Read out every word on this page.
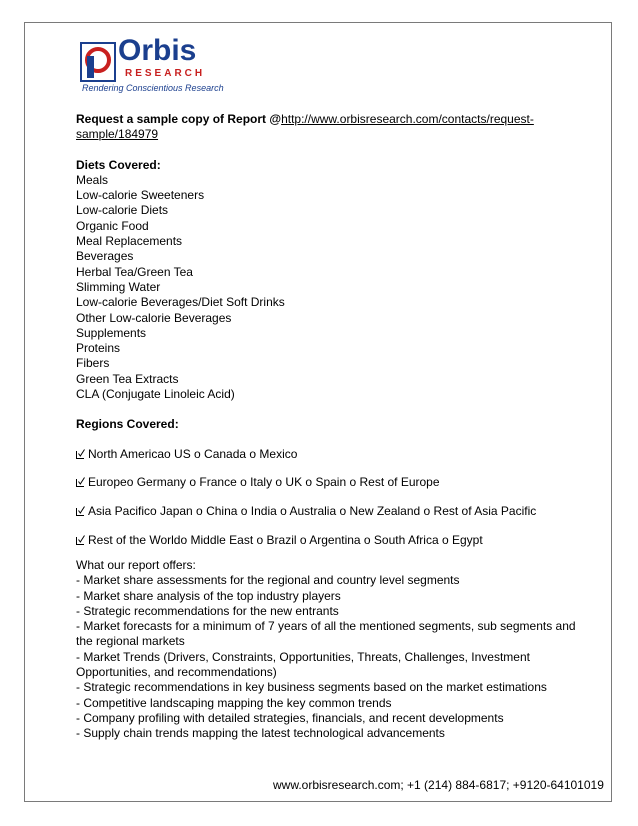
Orbis
RESEARCH
Rendering Conscientious Research
Request a sample copy of Report @http://www.orbisresearch.com/contacts/request-
sample/184979
Diets Covered:
Meals
Low-calorie Sweeteners
Low-calorie Diets
Organic Food
Meal Replacements
Beverages
Herbal Tea/Green Tea
Slimming Water
Low-calorie Beverages/Diet Soft Drinks
Other Low-calorie Beverages
Supplements
Proteins
Fibers
Green Tea Extracts
CLA (Conjugate Linoleic Acid)
Regions Covered:
North Americao US o Canada o Mexico
Europeo Germany o France o Italy o UK o Spain o Rest of Europe
Asia Pacifico Japan o China o India o Australia o New Zealand o Rest of Asia Pacific
Rest of the Worldo Middle East o Brazil o Argentina o South Africa o Egypt
What our report offers:
- Market share assessments for the regional and country level segments
- Market share analysis of the top industry players
- Strategic recommendations for the new entrants
- Market forecasts for a minimum of 7 years of all the mentioned segments, sub segments and
the regional markets
- Market Trends (Drivers, Constraints, Opportunities, Threats, Challenges, Investment
Opportunities, and recommendations)
- Strategic recommendations in key business segments based on the market estimations
- Competitive landscaping mapping the key common trends
- Company profiling with detailed strategies, financials, and recent developments
- Supply chain trends mapping the latest technological advancements
www.orbisresearch.com; +1 (214) 884-6817; +9120-64101019
